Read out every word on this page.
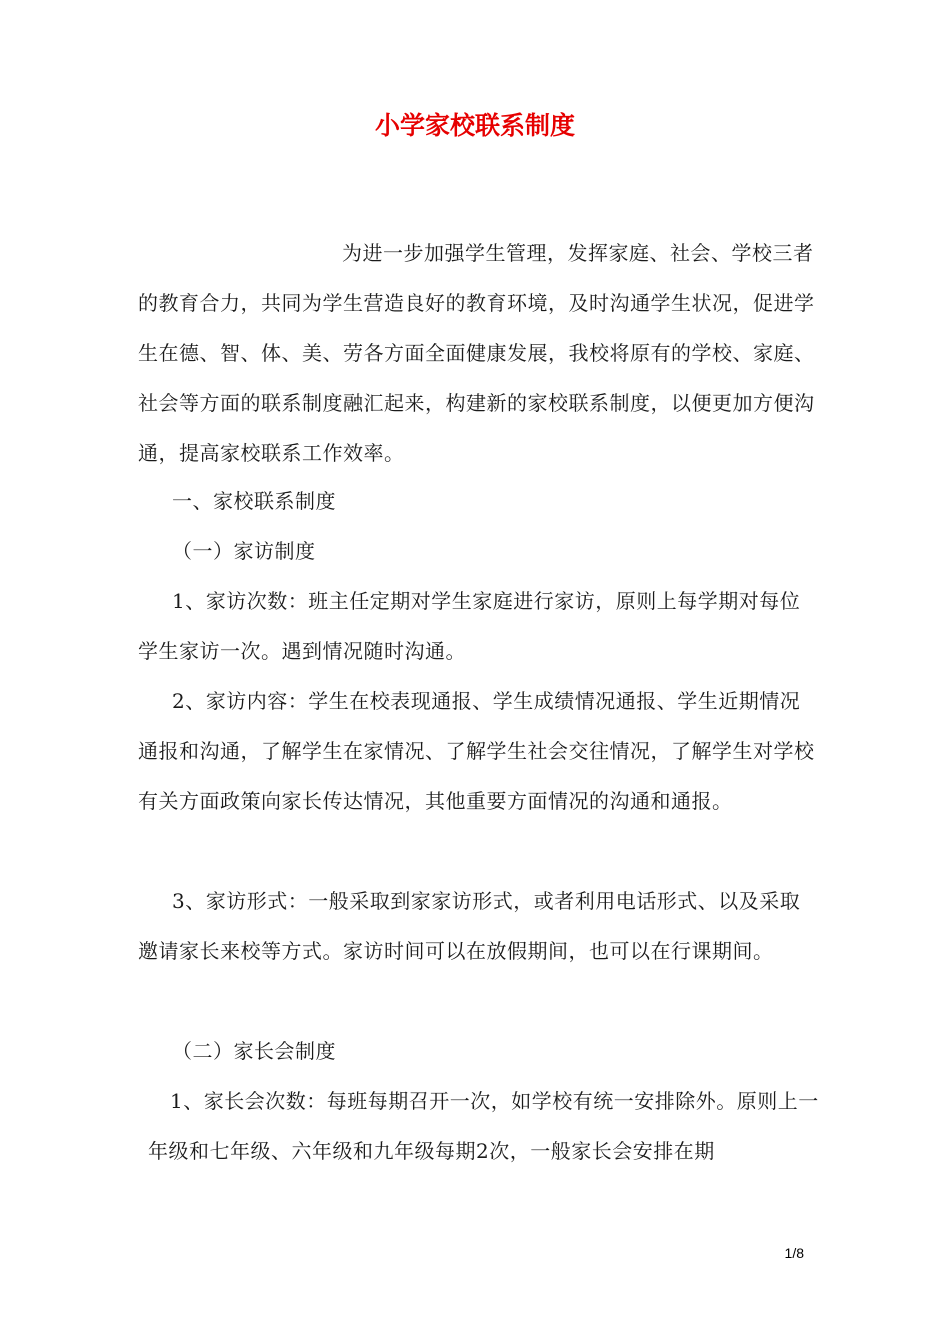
小学家校联系制度

为进一步加强学生管理，发挥家庭、社会、学校三者的教育合力，共同为学生营造良好的教育环境，及时沟通学生状况，促进学生在德、智、体、美、劳各方面全面健康发展，我校将原有的学校、家庭、社会等方面的联系制度融汇起来，构建新的家校联系制度，以便更加方便沟通，提高家校联系工作效率。

一、家校联系制度

（一）家访制度

1、家访次数：班主任定期对学生家庭进行家访，原则上每学期对每位学生家访一次。遇到情况随时沟通。

2、家访内容：学生在校表现通报、学生成绩情况通报、学生近期情况通报和沟通，了解学生在家情况、了解学生社会交往情况，了解学生对学校有关方面政策向家长传达情况，其他重要方面情况的沟通和通报。

3、家访形式：一般采取到家家访形式，或者利用电话形式、以及采取邀请家长来校等方式。家访时间可以在放假期间，也可以在行课期间。

（二）家长会制度

1、家长会次数：每班每期召开一次，如学校有统一安排除外。原则上一年级和七年级、六年级和九年级每期2次，一般家长会安排在期

1/8
